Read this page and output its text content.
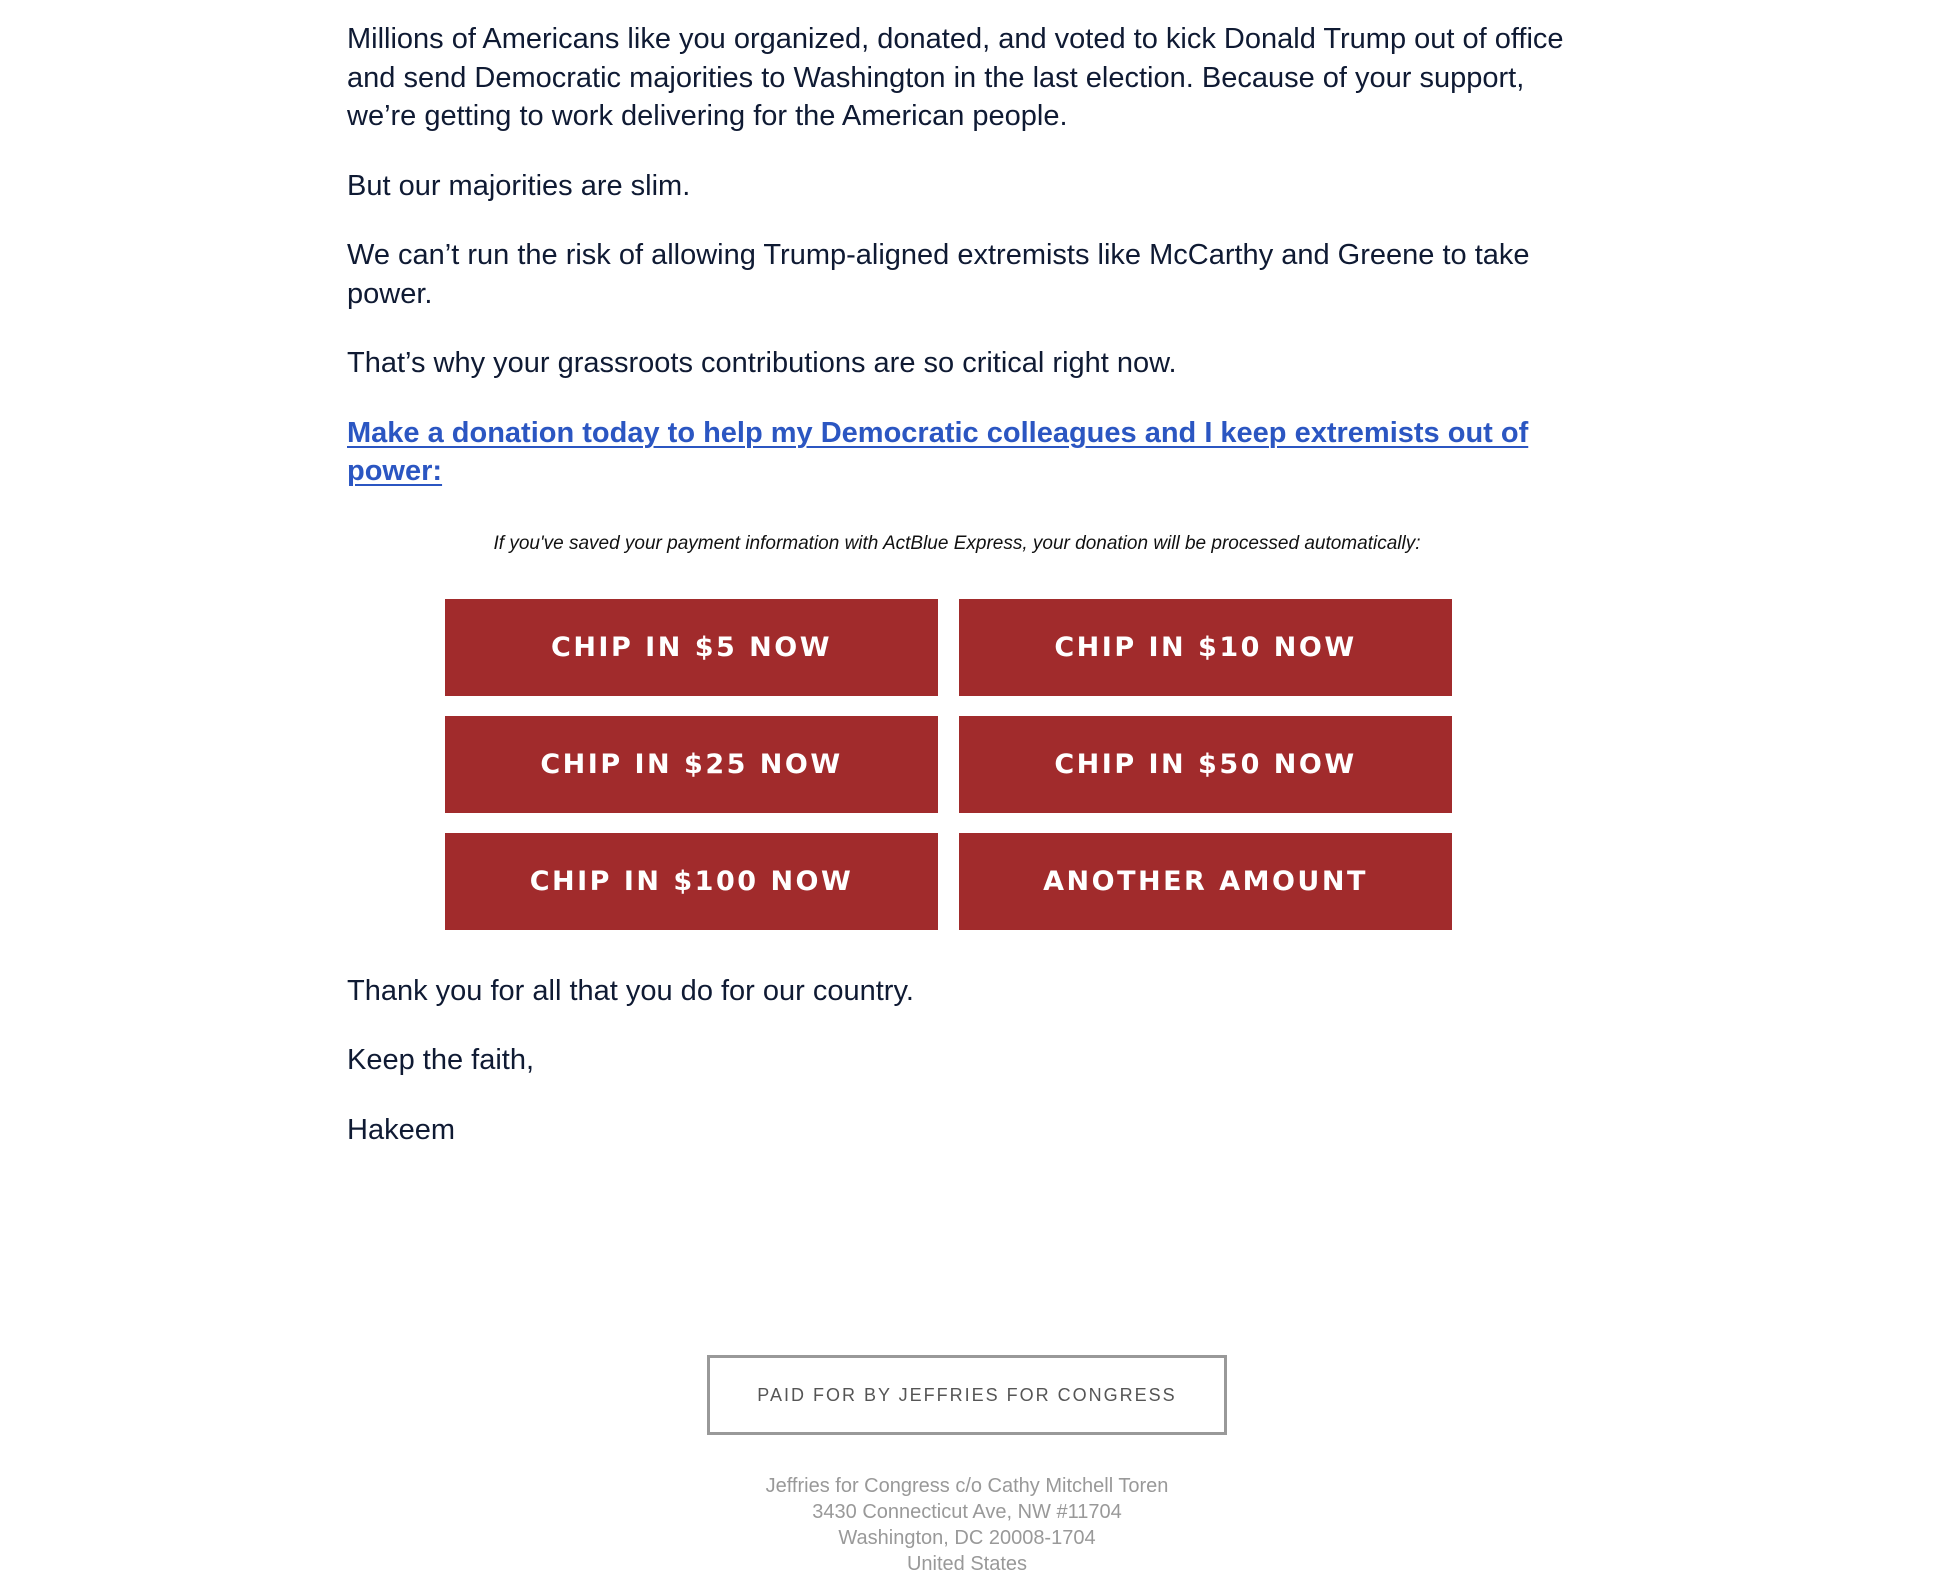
Millions of Americans like you organized, donated, and voted to kick Donald Trump out of office and send Democratic majorities to Washington in the last election. Because of your support, we’re getting to work delivering for the American people.

But our majorities are slim.

We can’t run the risk of allowing Trump-aligned extremists like McCarthy and Greene to take power.

That’s why your grassroots contributions are so critical right now.

Make a donation today to help my Democratic colleagues and I keep extremists out of power:

If you've saved your payment information with ActBlue Express, your donation will be processed automatically:

CHIP IN $5 NOW	CHIP IN $10 NOW
CHIP IN $25 NOW	CHIP IN $50 NOW
CHIP IN $100 NOW	ANOTHER AMOUNT

Thank you for all that you do for our country.

Keep the faith,

Hakeem

PAID FOR BY JEFFRIES FOR CONGRESS
Jeffries for Congress c/o Cathy Mitchell Toren
3430 Connecticut Ave, NW #11704
Washington, DC 20008-1704
United States
